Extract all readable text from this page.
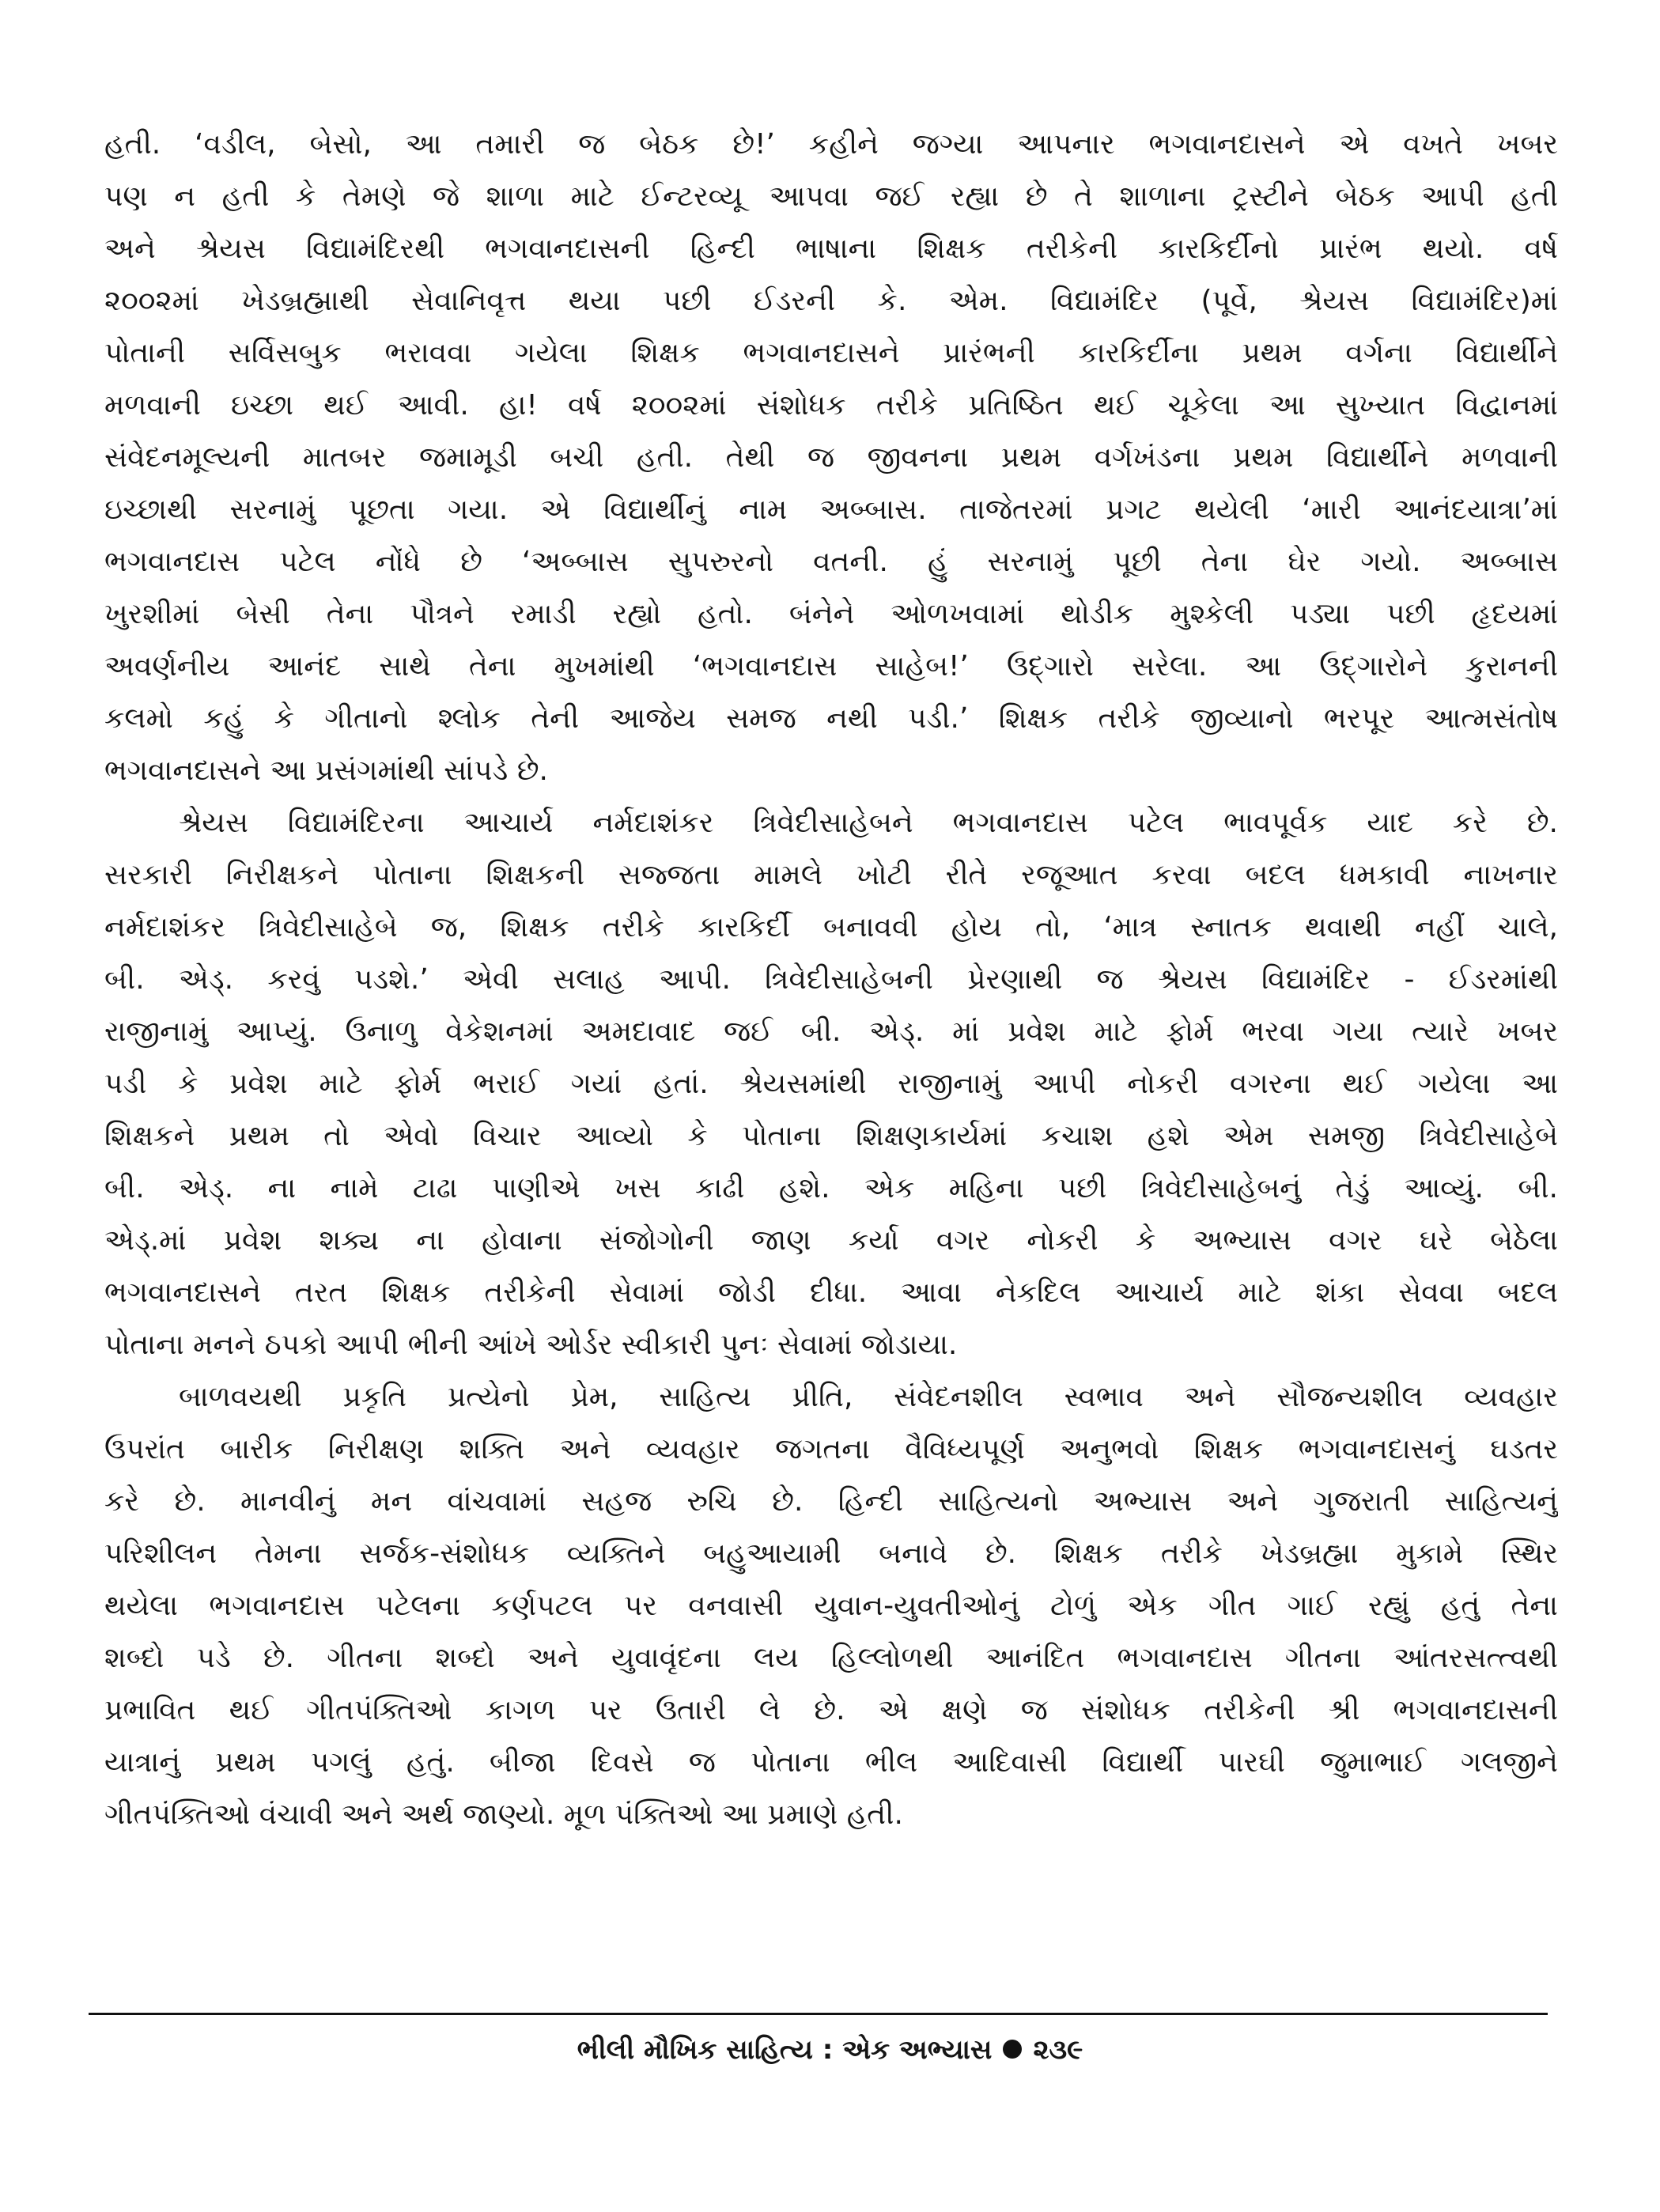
હતી. ‘વડીલ, બેસો, આ તમારી જ બેઠક છે!’ કહીને જગ્યા આપનાર ભગવાનદાસને એ વખતે ખબર
પણ ન હતી કે તેમણે જે શાળા માટે ઈન્ટરવ્યૂ આપવા જઈ રહ્યા છે તે શાળાના ટ્રસ્ટીને બેઠક આપી હતી
અને શ્રેયસ વિદ્યામંદિરથી ભગવાનદાસની હિન્દી ભાષાના શિક્ષક તરીકેની કારકિર્દીનો પ્રારંભ થયો. વર્ષ
૨૦૦૨માં ખેડબ્રહ્માથી સેવાનિવૃત્ત થયા પછી ઈડરની કે. એમ. વિદ્યામંદિર (પૂર્વે, શ્રેયસ વિદ્યામંદિર)માં
પોતાની સર્વિસબુક ભરાવવા ગયેલા શિક્ષક ભગવાનદાસને પ્રારંભની કારકિર્દીના પ્રથમ વર્ગના વિદ્યાર્થીને
મળવાની ઇચ્છા થઈ આવી. હા! વર્ષ ૨૦૦૨માં સંશોધક તરીકે પ્રતિષ્ઠિત થઈ ચૂકેલા આ સુખ્યાત વિદ્વાનમાં
સંવેદનમૂલ્યની માતબર જમામૂડી બચી હતી. તેથી જ જીવનના પ્રથમ વર્ગખંડના પ્રથમ વિદ્યાર્થીને મળવાની
ઇચ્છાથી સરનામું પૂછતા ગયા. એ વિદ્યાર્થીનું નામ અબ્બાસ. તાજેતરમાં પ્રગટ થયેલી ‘મારી આનંદયાત્રા’માં
ભગવાનદાસ પટેલ નોંધે છે ‘અબ્બાસ સુપરુરનો વતની. હું સરનામું પૂછી તેના ઘેર ગયો. અબ્બાસ
ખુરશીમાં બેસી તેના પૌત્રને રમાડી રહ્યો હતો. બંનેને ઓળખવામાં થોડીક મુશ્કેલી પડ્યા પછી હૃદયમાં
અવર્ણનીય આનંદ સાથે તેના મુખમાંથી ‘ભગવાનદાસ સાહેબ!’ ઉદ્ગારો સરેલા. આ ઉદ્ગારોને કુરાનની
કલમો કહું કે ગીતાનો શ્લોક તેની આજેય સમજ નથી પડી.’ શિક્ષક તરીકે જીવ્યાનો ભરપૂર આત્મસંતોષ
ભગવાનદાસને આ પ્રસંગમાંથી સાંપડે છે.
શ્રેયસ વિદ્યામંદિરના આચાર્ય નર્મદાશંકર ત્રિવેદીસાહેબને ભગવાનદાસ પટેલ ભાવપૂર્વક યાદ કરે છે.
સરકારી નિરીક્ષકને પોતાના શિક્ષકની સજ્જતા મામલે ખોટી રીતે રજૂઆત કરવા બદલ ધમકાવી નાખનાર
નર્મદાશંકર ત્રિવેદીસાહેબે જ, શિક્ષક તરીકે કારકિર્દી બનાવવી હોય તો, ‘માત્ર સ્નાતક થવાથી નહીં ચાલે,
બી. એડ્. કરવું પડશે.’ એવી સલાહ આપી. ત્રિવેદીસાહેબની પ્રેરણાથી જ શ્રેયસ વિદ્યામંદિર - ઈડરમાંથી
રાજીનામું આપ્યું. ઉનાળુ વેકેશનમાં અમદાવાદ જઈ બી. એડ્. માં પ્રવેશ માટે ફોર્મ ભરવા ગયા ત્યારે ખબર
પડી કે પ્રવેશ માટે ફોર્મ ભરાઈ ગયાં હતાં. શ્રેયસમાંથી રાજીનામું આપી નોકરી વગરના થઈ ગયેલા આ
શિક્ષકને પ્રથમ તો એવો વિચાર આવ્યો કે પોતાના શિક્ષણકાર્યમાં કચાશ હશે એમ સમજી ત્રિવેદીસાહેબે
બી. એડ્. ના નામે ટાઢા પાણીએ ખસ કાઢી હશે. એક મહિના પછી ત્રિવેદીસાહેબનું તેડું આવ્યું. બી.
એડ્.માં પ્રવેશ શક્ય ના હોવાના સંજોગોની જાણ કર્યા વગર નોકરી કે અભ્યાસ વગર ઘરે બેઠેલા
ભગવાનદાસને તરત શિક્ષક તરીકેની સેવામાં જોડી દીધા. આવા નેકદિલ આચાર્ય માટે શંકા સેવવા બદલ
પોતાના મનને ઠપકો આપી ભીની આંખે ઓર્ડર સ્વીકારી પુનઃ સેવામાં જોડાયા.
બાળવયથી પ્રકૃતિ પ્રત્યેનો પ્રેમ, સાહિત્ય પ્રીતિ, સંવેદનશીલ સ્વભાવ અને સૌજન્યશીલ વ્યવહાર
ઉપરાંત બારીક નિરીક્ષણ શક્તિ અને વ્યવહાર જગતના વૈવિધ્યપૂર્ણ અનુભવો શિક્ષક ભગવાનદાસનું ઘડતર
કરે છે. માનવીનું મન વાંચવામાં સહજ રુચિ છે. હિન્દી સાહિત્યનો અભ્યાસ અને ગુજરાતી સાહિત્યનું
પરિશીલન તેમના સર્જક-સંશોધક વ્યક્તિને બહુઆયામી બનાવે છે. શિક્ષક તરીકે ખેડબ્રહ્મા મુકામે સ્થિર
થયેલા ભગવાનદાસ પટેલના કર્ણપટલ પર વનવાસી યુવાન-યુવતીઓનું ટોળું એક ગીત ગાઈ રહ્યું હતું તેના
શબ્દો પડે છે. ગીતના શબ્દો અને યુવાવૃંદના લય હિલ્લોળથી આનંદિત ભગવાનદાસ ગીતના આંતરસત્ત્વથી
પ્રભાવિત થઈ ગીતપંક્તિઓ કાગળ પર ઉતારી લે છે. એ ક્ષણે જ સંશોધક તરીકેની શ્રી ભગવાનદાસની
યાત્રાનું પ્રથમ પગલું હતું. બીજા દિવસે જ પોતાના ભીલ આદિવાસી વિદ્યાર્થી પારઘી જુમાભાઈ ગલજીને
ગીતપંક્તિઓ વંચાવી અને અર્થ જાણ્યો. મૂળ પંક્તિઓ આ પ્રમાણે હતી.
ભીલી મૌખિક સાહિત્ય : એક અભ્યાસ ૨૩૯
